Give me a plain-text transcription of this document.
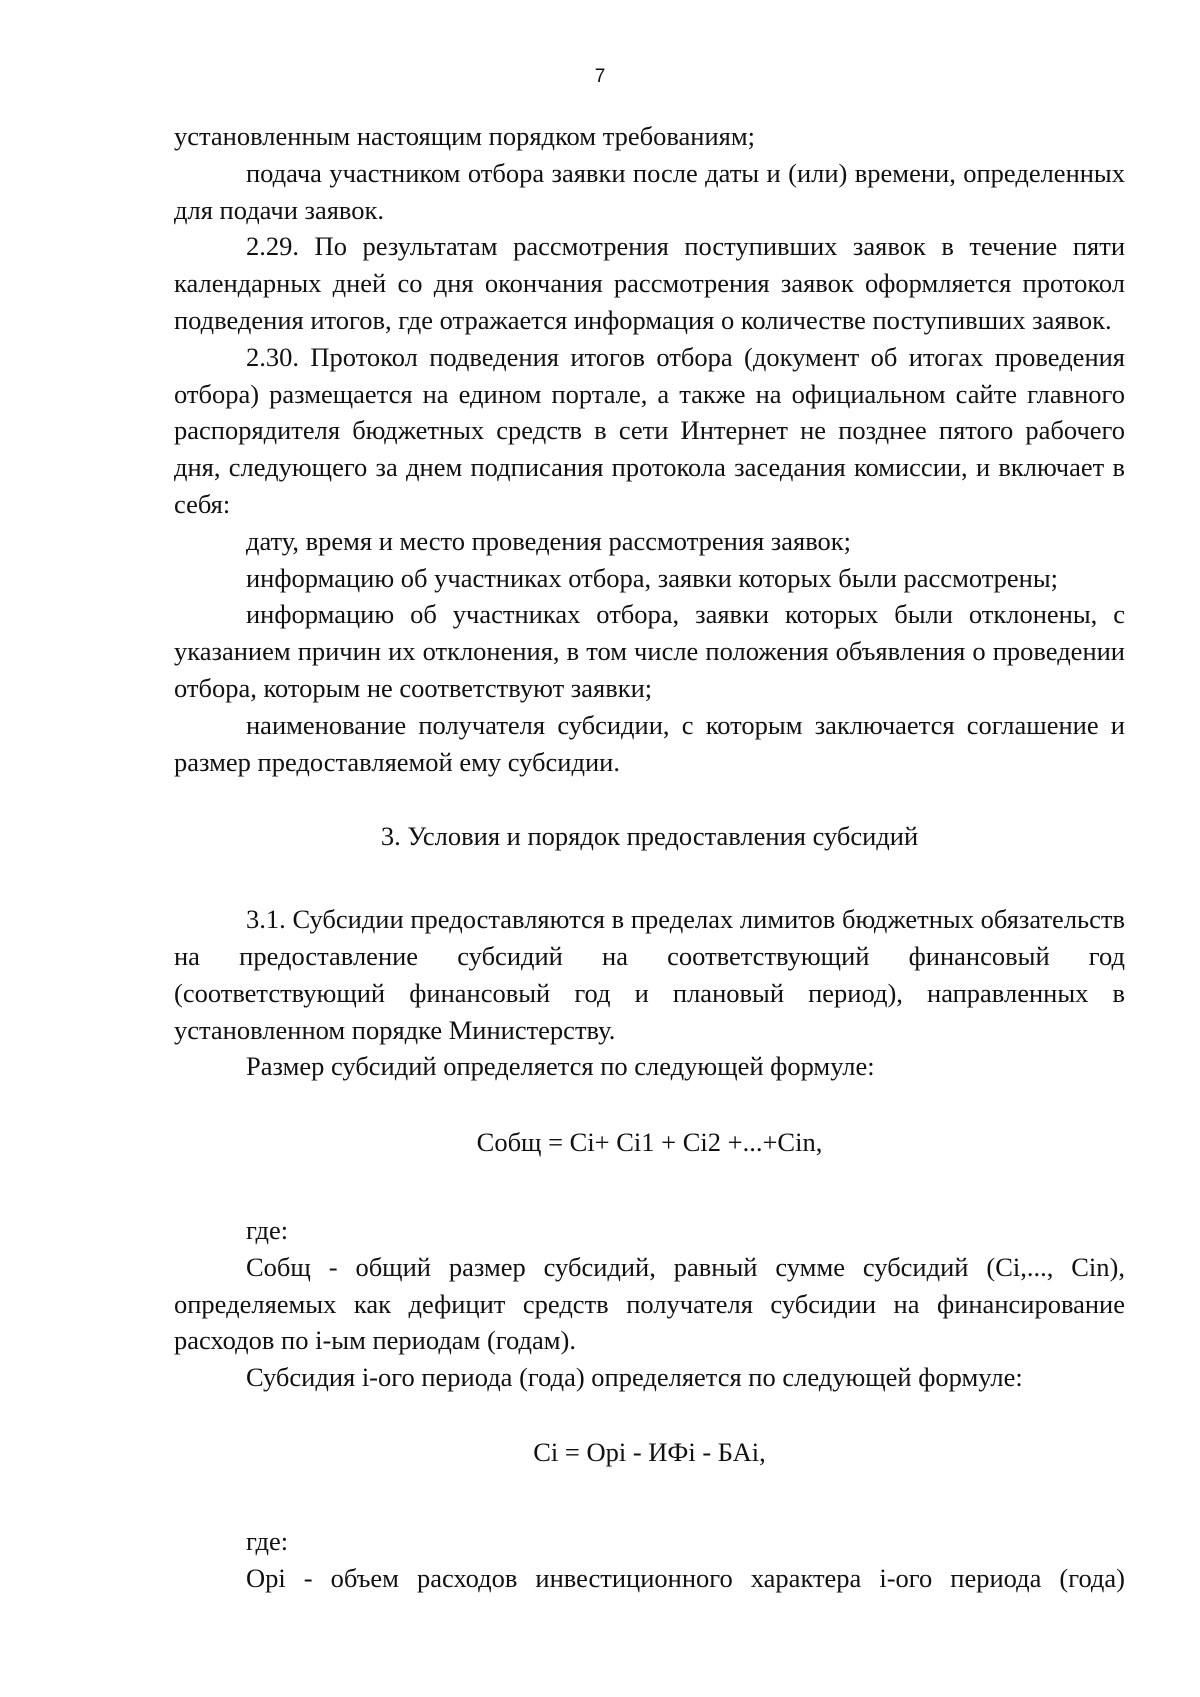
7

установленным настоящим порядком требованиям;

подача участником отбора заявки после даты и (или) времени, определенных для подачи заявок.

2.29. По результатам рассмотрения поступивших заявок в течение пяти календарных дней со дня окончания рассмотрения заявок оформляется протокол подведения итогов, где отражается информация о количестве поступивших заявок.

2.30. Протокол подведения итогов отбора (документ об итогах проведения отбора) размещается на едином портале, а также на официальном сайте главного распорядителя бюджетных средств в сети Интернет не позднее пятого рабочего дня, следующего за днем подписания протокола заседания комиссии, и включает в себя:

дату, время и место проведения рассмотрения заявок;

информацию об участниках отбора, заявки которых были рассмотрены;

информацию об участниках отбора, заявки которых были отклонены, с указанием причин их отклонения, в том числе положения объявления о проведении отбора, которым не соответствуют заявки;

наименование получателя субсидии, с которым заключается соглашение и размер предоставляемой ему субсидии.

3. Условия и порядок предоставления субсидий

3.1. Субсидии предоставляются в пределах лимитов бюджетных обязательств на предоставление субсидий на соответствующий финансовый год (соответствующий финансовый год и плановый период), направленных в установленном порядке Министерству.

Размер субсидий определяется по следующей формуле:

Собщ = Ci+ Ci1 + Ci2 +...+Cin,

где:

Собщ - общий размер субсидий, равный сумме субсидий (Ci,..., Cin), определяемых как дефицит средств получателя субсидии на финансирование расходов по i-ым периодам (годам).

Субсидия i-ого периода (года) определяется по следующей формуле:

Ci = Opi - ИФi - БАi,

где:

Opi - объем расходов инвестиционного характера i-ого периода (года)
